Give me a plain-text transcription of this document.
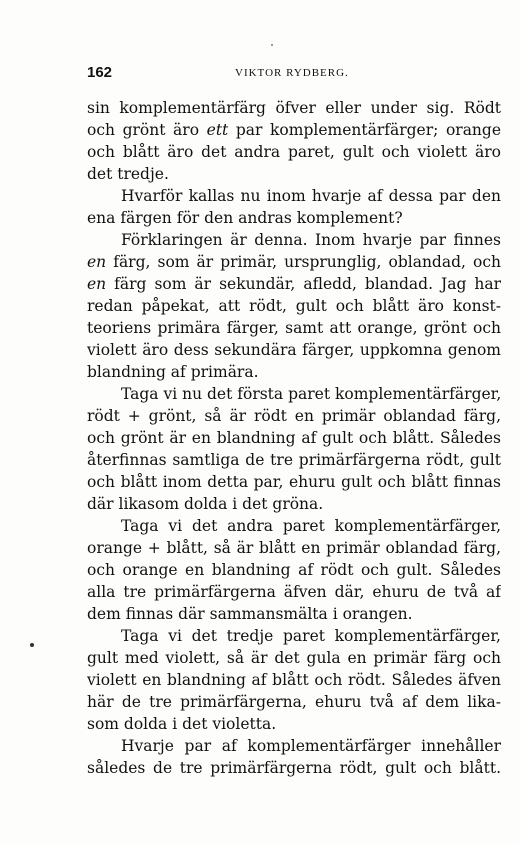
162	VIKTOR RYDBERG.
sin komplementärfärg öfver eller under sig. Rödt
och grönt äro ett par komplementärfärger; orange
och blått äro det andra paret, gult och violett äro
det tredje.
Hvarför kallas nu inom hvarje af dessa par den
ena färgen för den andras komplement?
Förklaringen är denna. Inom hvarje par finnes
en färg, som är primär, ursprunglig, oblandad, och
en färg som är sekundär, afledd, blandad. Jag har
redan påpekat, att rödt, gult och blått äro konst-
teoriens primära färger, samt att orange, grönt och
violett äro dess sekundära färger, uppkomna genom
blandning af primära.
Taga vi nu det första paret komplementärfärger,
rödt + grönt, så är rödt en primär oblandad färg,
och grönt är en blandning af gult och blått. Således
återfinnas samtliga de tre primärfärgerna rödt, gult
och blått inom detta par, ehuru gult och blått finnas
där likasom dolda i det gröna.
Taga vi det andra paret komplementärfärger,
orange + blått, så är blått en primär oblandad färg,
och orange en blandning af rödt och gult. Således
alla tre primärfärgerna äfven där, ehuru de två af
dem finnas där sammansmälta i orangen.
Taga vi det tredje paret komplementärfärger,
gult med violett, så är det gula en primär färg och
violett en blandning af blått och rödt. Således äfven
här de tre primärfärgerna, ehuru två af dem lika-
som dolda i det violetta.
Hvarje par af komplementärfärger innehåller
således de tre primärfärgerna rödt, gult och blått.
